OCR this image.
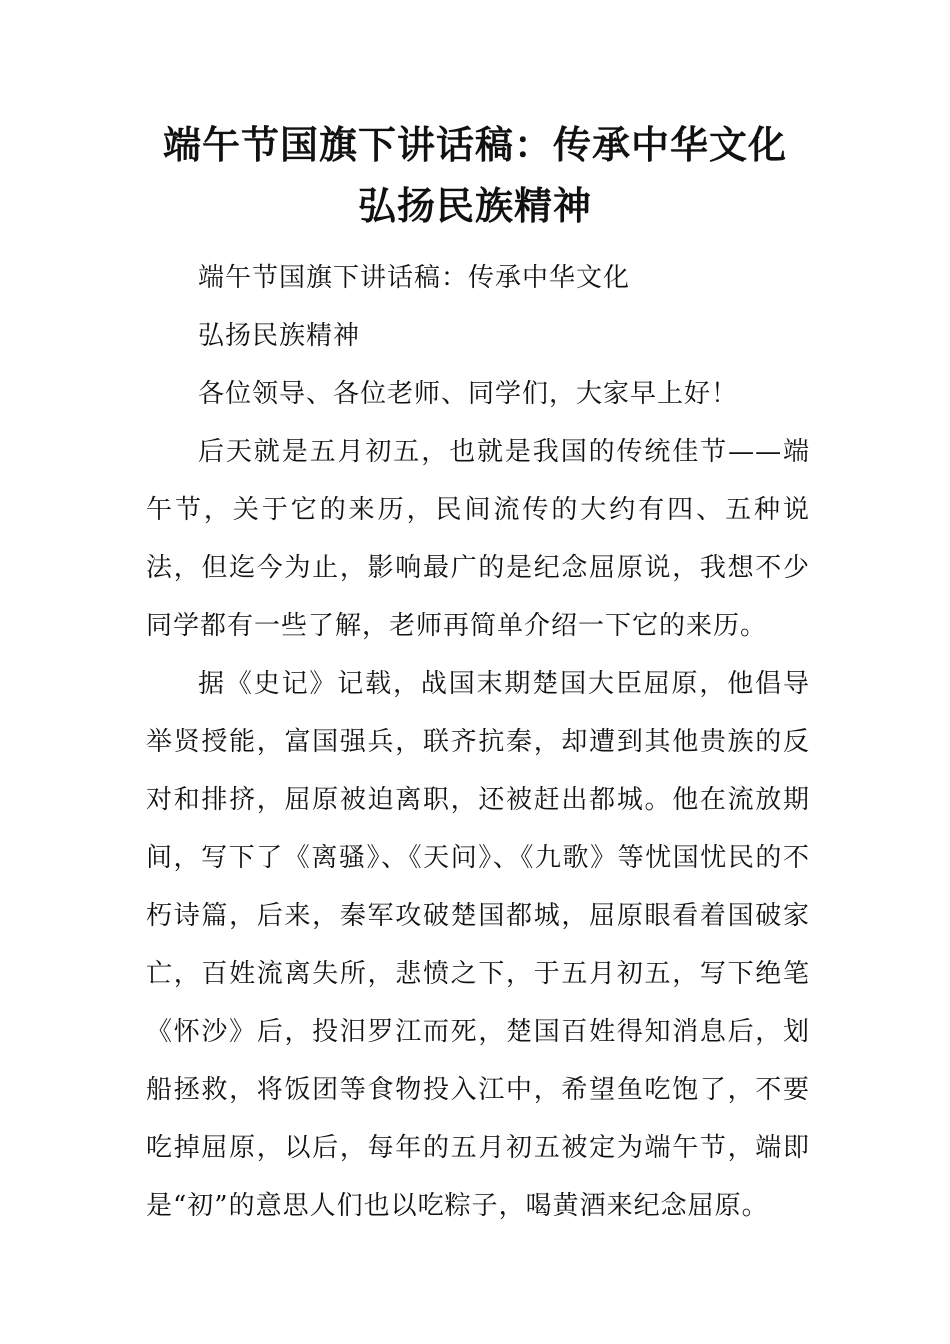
端午节国旗下讲话稿：传承中华文化
弘扬民族精神

端午节国旗下讲话稿：传承中华文化

弘扬民族精神

各位领导、各位老师、同学们，大家早上好！

后天就是五月初五，也就是我国的传统佳节——端午节，关于它的来历，民间流传的大约有四、五种说法，但迄今为止，影响最广的是纪念屈原说，我想不少同学都有一些了解，老师再简单介绍一下它的来历。

据《史记》记载，战国末期楚国大臣屈原，他倡导举贤授能，富国强兵，联齐抗秦，却遭到其他贵族的反对和排挤，屈原被迫离职，还被赶出都城。他在流放期间，写下了《离骚》、《天问》、《九歌》等忧国忧民的不朽诗篇，后来，秦军攻破楚国都城，屈原眼看着国破家亡，百姓流离失所，悲愤之下，于五月初五，写下绝笔《怀沙》后，投汨罗江而死，楚国百姓得知消息后，划船拯救，将饭团等食物投入江中，希望鱼吃饱了，不要吃掉屈原，以后，每年的五月初五被定为端午节，端即是“初”的意思人们也以吃粽子，喝黄酒来纪念屈原。
